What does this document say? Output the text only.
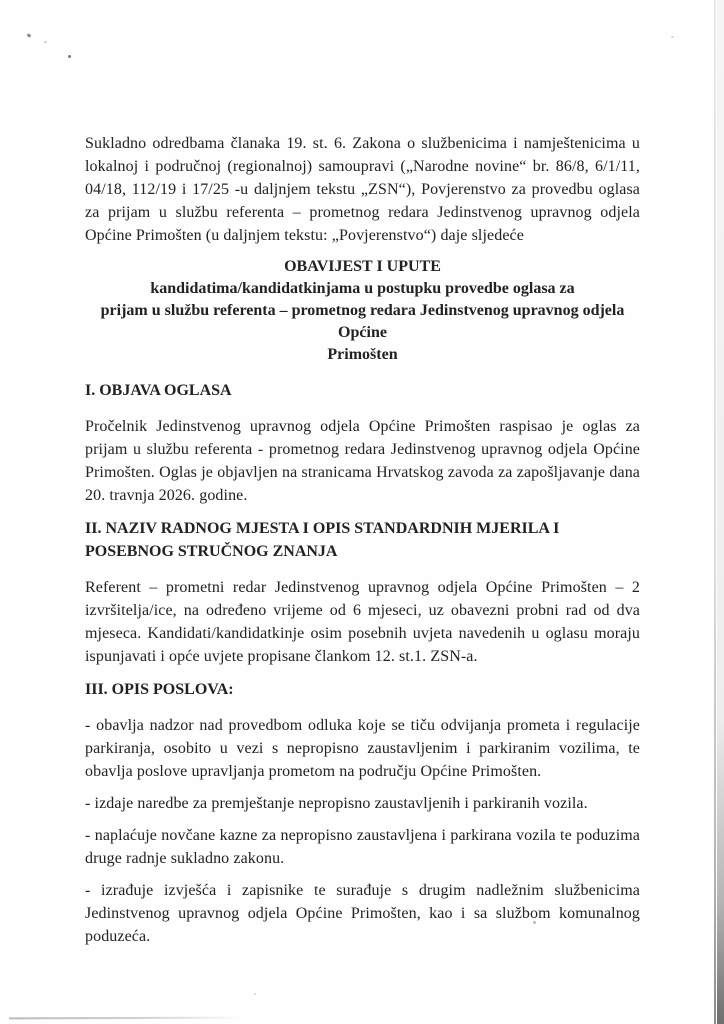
Sukladno odredbama članaka 19. st. 6. Zakona o službenicima i namještenicima u lokalnoj i područnoj (regionalnoj) samoupravi („Narodne novine“ br. 86/8, 6/1/11, 04/18, 112/19 i 17/25 -u daljnjem tekstu „ZSN“), Povjerenstvo za provedbu oglasa za prijam u službu referenta – prometnog redara Jedinstvenog upravnog odjela Općine Primošten (u daljnjem tekstu: „Povjerenstvo“) daje sljedeće

OBAVIJEST I UPUTE
kandidatima/kandidatkinjama u postupku provedbe oglasa za
prijam u službu referenta – prometnog redara Jedinstvenog upravnog odjela Općine
Primošten
I. OBJAVA OGLASA

Pročelnik Jedinstvenog upravnog odjela Općine Primošten raspisao je oglas za prijam u službu referenta - prometnog redara Jedinstvenog upravnog odjela Općine Primošten. Oglas je objavljen na stranicama Hrvatskog zavoda za zapošljavanje dana 20. travnja 2026. godine.

II. NAZIV RADNOG MJESTA I OPIS STANDARDNIH MJERILA I POSEBNOG STRUČNOG ZNANJA

Referent – prometni redar Jedinstvenog upravnog odjela Općine Primošten – 2 izvršitelja/ice, na određeno vrijeme od 6 mjeseci, uz obavezni probni rad od dva mjeseca. Kandidati/kandidatkinje osim posebnih uvjeta navedenih u oglasu moraju ispunjavati i opće uvjete propisane člankom 12. st.1. ZSN-a.

III. OPIS POSLOVA:

- obavlja nadzor nad provedbom odluka koje se tiču odvijanja prometa i regulacije parkiranja, osobito u vezi s nepropisno zaustavljenim i parkiranim vozilima, te obavlja poslove upravljanja prometom na području Općine Primošten.

- izdaje naredbe za premještanje nepropisno zaustavljenih i parkiranih vozila.

- naplaćuje novčane kazne za nepropisno zaustavljena i parkirana vozila te poduzima druge radnje sukladno zakonu.

- izrađuje izvješća i zapisnike te surađuje s drugim nadležnim službenicima Jedinstvenog upravnog odjela Općine Primošten, kao i sa službom komunalnog poduzeća.
